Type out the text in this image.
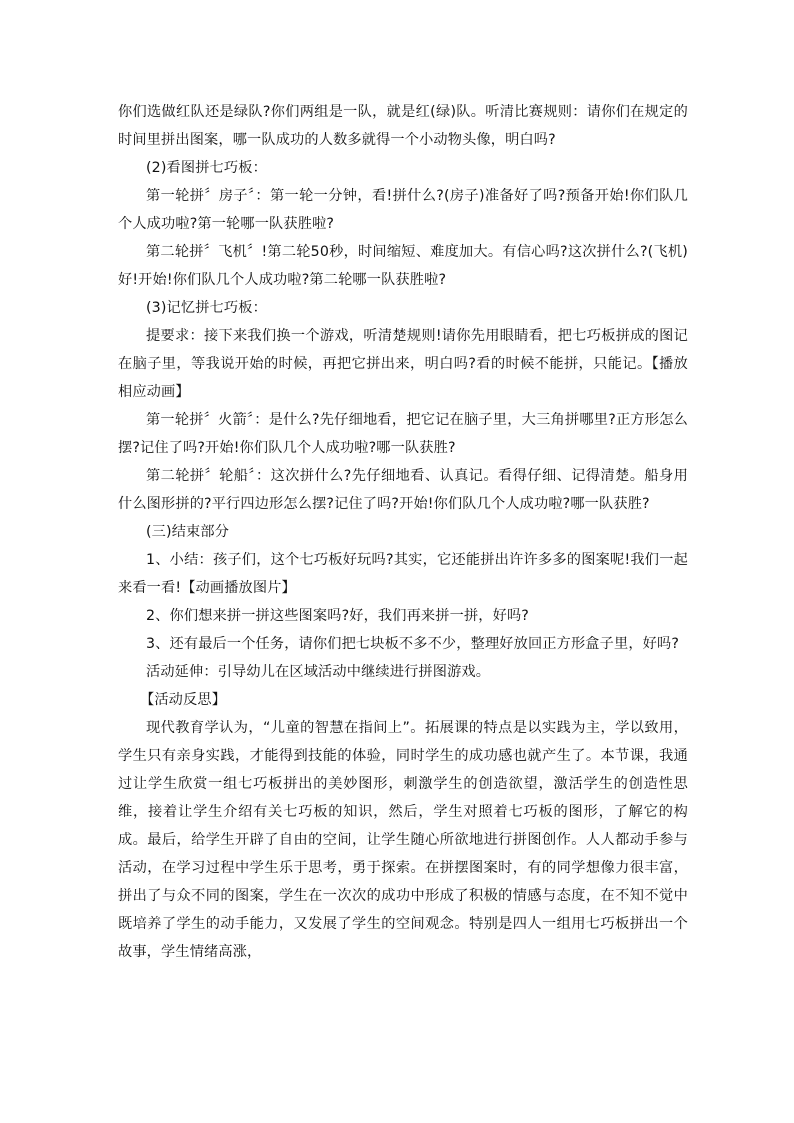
你们选做红队还是绿队?你们两组是一队，就是红(绿)队。听清比赛规则：请你们在规定的时间里拼出图案，哪一队成功的人数多就得一个小动物头像，明白吗?

(2)看图拼七巧板：

第一轮拼〞房子〞：第一轮一分钟，看!拼什么?(房子)准备好了吗?预备开始!你们队几个人成功啦?第一轮哪一队获胜啦?

第二轮拼〞飞机〞!第二轮50秒，时间缩短、难度加大。有信心吗?这次拼什么?(飞机)好!开始!你们队几个人成功啦?第二轮哪一队获胜啦?

(3)记忆拼七巧板：

提要求：接下来我们换一个游戏，听清楚规则!请你先用眼睛看，把七巧板拼成的图记在脑子里，等我说开始的时候，再把它拼出来，明白吗?看的时候不能拼，只能记。【播放相应动画】

第一轮拼〞火箭〞：是什么?先仔细地看，把它记在脑子里，大三角拼哪里?正方形怎么摆?记住了吗?开始!你们队几个人成功啦?哪一队获胜?

第二轮拼〞轮船〞：这次拼什么?先仔细地看、认真记。看得仔细、记得清楚。船身用什么图形拼的?平行四边形怎么摆?记住了吗?开始!你们队几个人成功啦?哪一队获胜?

(三)结束部分

1、小结：孩子们，这个七巧板好玩吗?其实，它还能拼出许许多多的图案呢!我们一起来看一看!【动画播放图片】

2、你们想来拼一拼这些图案吗?好，我们再来拼一拼，好吗?

3、还有最后一个任务，请你们把七块板不多不少，整理好放回正方形盒子里，好吗?

活动延伸：引导幼儿在区域活动中继续进行拼图游戏。

【活动反思】

现代教育学认为，“儿童的智慧在指间上”。拓展课的特点是以实践为主，学以致用，学生只有亲身实践，才能得到技能的体验，同时学生的成功感也就产生了。本节课，我通过让学生欣赏一组七巧板拼出的美妙图形，刺激学生的创造欲望，激活学生的创造性思维，接着让学生介绍有关七巧板的知识，然后，学生对照着七巧板的图形，了解它的构成。最后，给学生开辟了自由的空间，让学生随心所欲地进行拼图创作。人人都动手参与活动，在学习过程中学生乐于思考，勇于探索。在拼摆图案时，有的同学想像力很丰富，拼出了与众不同的图案，学生在一次次的成功中形成了积极的情感与态度，在不知不觉中既培养了学生的动手能力，又发展了学生的空间观念。特别是四人一组用七巧板拼出一个故事，学生情绪高涨，
